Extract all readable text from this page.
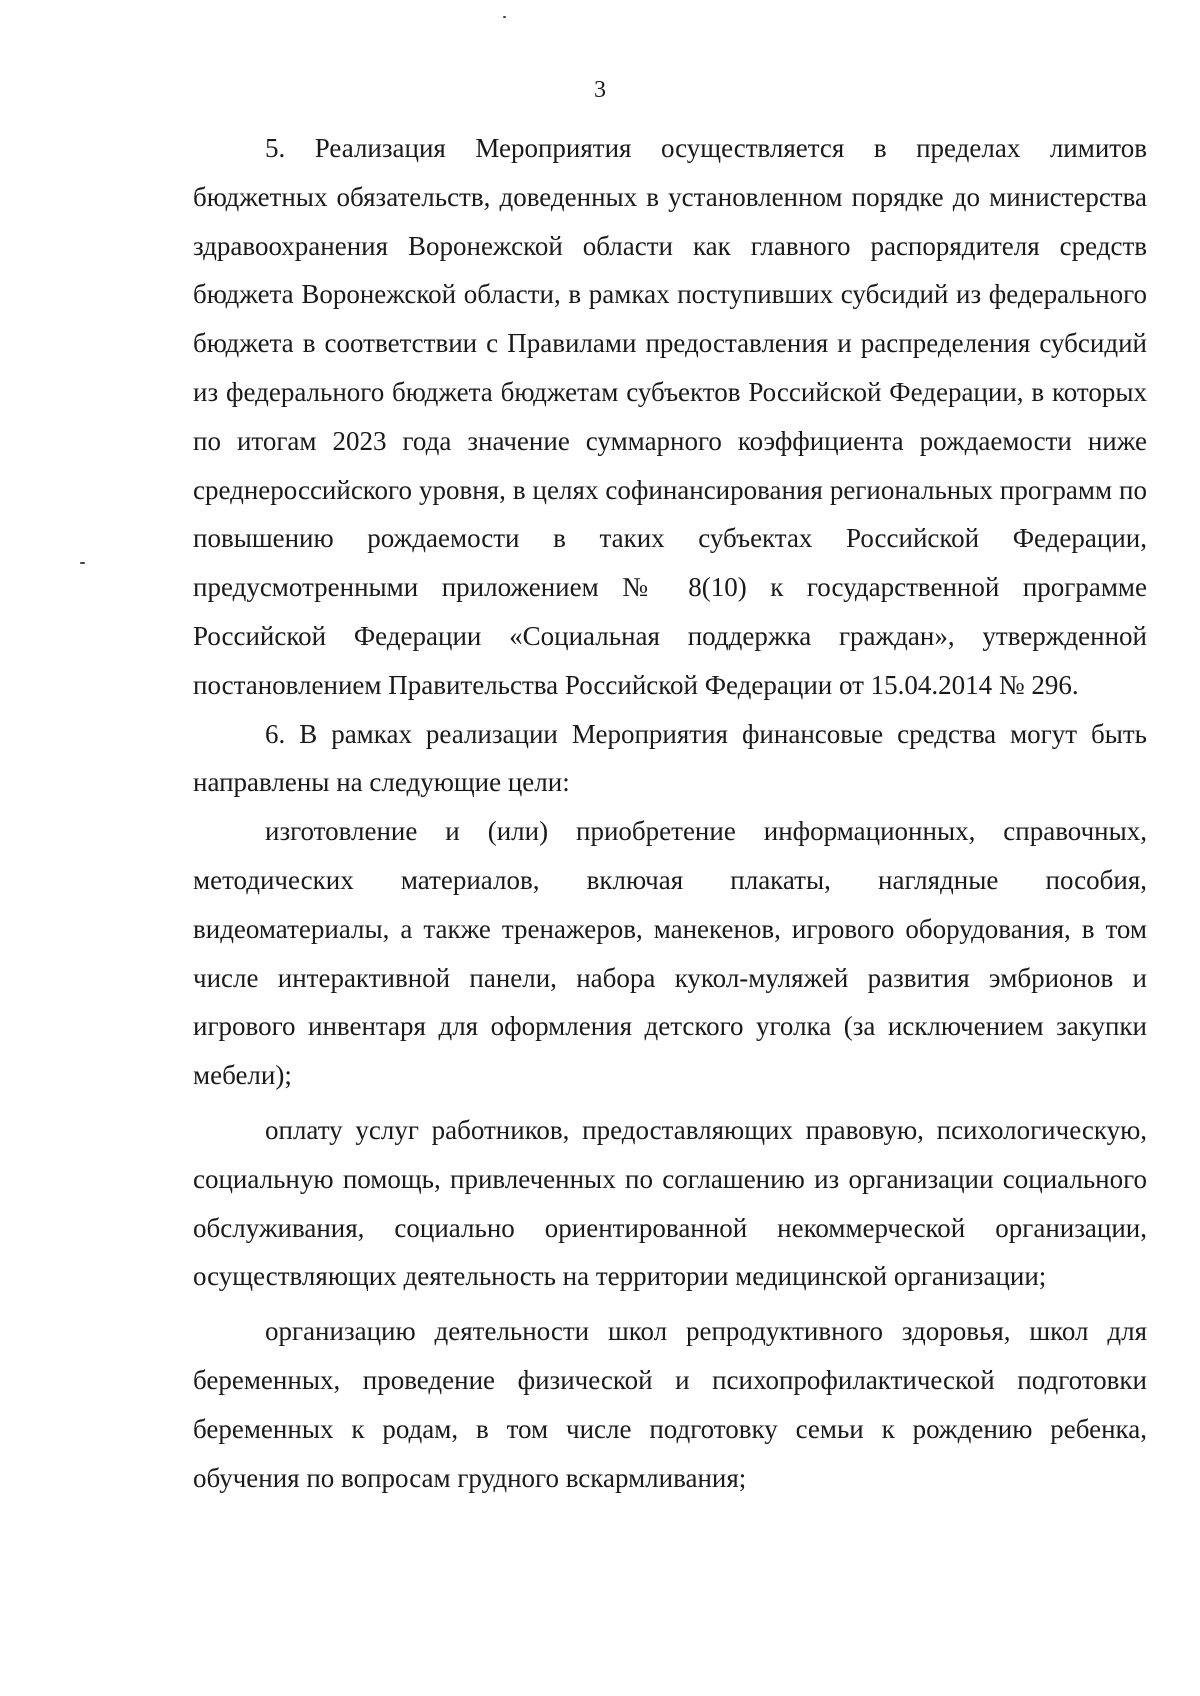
3

5. Реализация Мероприятия осуществляется в пределах лимитов бюджетных обязательств, доведенных в установленном порядке до министерства здравоохранения Воронежской области как главного распорядителя средств бюджета Воронежской области, в рамках поступивших субсидий из федерального бюджета в соответствии с Правилами предоставления и распределения субсидий из федерального бюджета бюджетам субъектов Российской Федерации, в которых по итогам 2023 года значение суммарного коэффициента рождаемости ниже среднероссийского уровня, в целях софинансирования региональных программ по повышению рождаемости в таких субъектах Российской Федерации, предусмотренными приложением № 8(10) к государственной программе Российской Федерации «Социальная поддержка граждан», утвержденной постановлением Правительства Российской Федерации от 15.04.2014 № 296.

6. В рамках реализации Мероприятия финансовые средства могут быть направлены на следующие цели:

изготовление и (или) приобретение информационных, справочных, методических материалов, включая плакаты, наглядные пособия, видеоматериалы, а также тренажеров, манекенов, игрового оборудования, в том числе интерактивной панели, набора кукол-муляжей развития эмбрионов и игрового инвентаря для оформления детского уголка (за исключением закупки мебели);

оплату услуг работников, предоставляющих правовую, психологическую, социальную помощь, привлеченных по соглашению из организации социального обслуживания, социально ориентированной некоммерческой организации, осуществляющих деятельность на территории медицинской организации;

организацию деятельности школ репродуктивного здоровья, школ для беременных, проведение физической и психопрофилактической подготовки беременных к родам, в том числе подготовку семьи к рождению ребенка, обучения по вопросам грудного вскармливания;
